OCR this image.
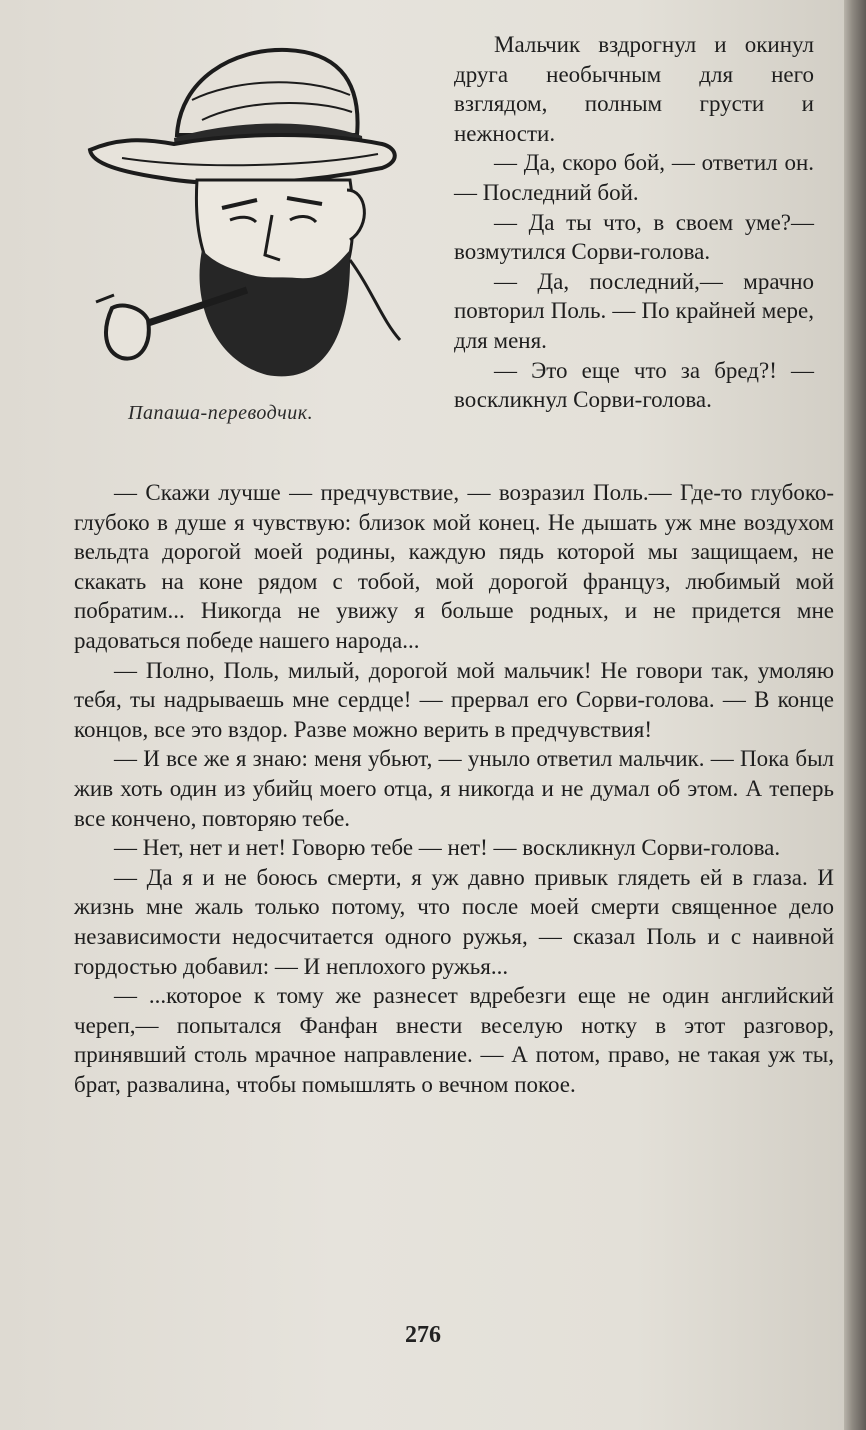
Папаша-переводчик.

Мальчик вздрогнул и окинул друга необычным для него взглядом, полным грусти и нежности.

— Да, скоро бой, — ответил он. — Последний бой.

— Да ты что, в своем уме?— возмутился Сорви-голова.

— Да, последний,— мрачно повторил Поль. — По крайней мере, для меня.

— Это еще что за бред?! — воскликнул Сорви-голова.

— Скажи лучше — предчувствие, — возразил Поль.— Где-то глубоко-глубоко в душе я чувствую: близок мой конец. Не дышать уж мне воздухом вельдта дорогой моей родины, каждую пядь которой мы защищаем, не скакать на коне рядом с тобой, мой дорогой француз, любимый мой побратим... Никогда не увижу я больше родных, и не придется мне радоваться победе нашего народа...

— Полно, Поль, милый, дорогой мой мальчик! Не говори так, умоляю тебя, ты надрываешь мне сердце! — прервал его Сорви-голова. — В конце концов, все это вздор. Разве можно верить в предчувствия!

— И все же я знаю: меня убьют, — уныло ответил мальчик. — Пока был жив хоть один из убийц моего отца, я никогда и не думал об этом. А теперь все кончено, повторяю тебе.

— Нет, нет и нет! Говорю тебе — нет! — воскликнул Сорви-голова.

— Да я и не боюсь смерти, я уж давно привык глядеть ей в глаза. И жизнь мне жаль только потому, что после моей смерти священное дело независимости недосчитается одного ружья, — сказал Поль и с наивной гордостью добавил: — И неплохого ружья...

— ...которое к тому же разнесет вдребезги еще не один английский череп,— попытался Фанфан внести веселую нотку в этот разговор, принявший столь мрачное направление. — А потом, право, не такая уж ты, брат, развалина, чтобы помышлять о вечном покое.

276
